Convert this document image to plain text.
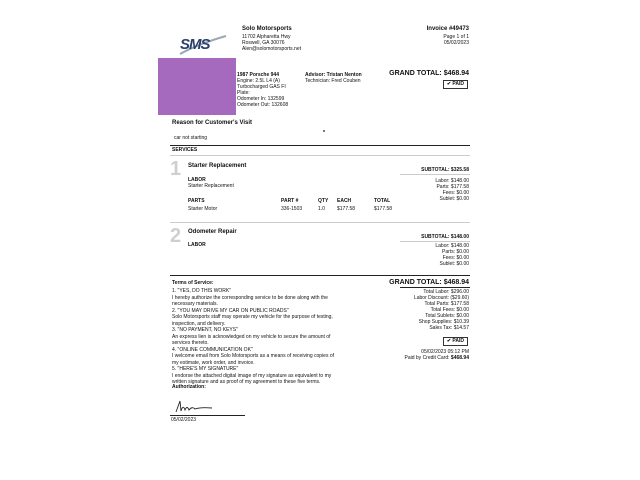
SMS
Solo Motorsports
11702 Alpharetta Hwy
Roswell, GA 30076
Alen@solomotorsports.net
Invoice #49473
Page 1 of 1
05/02/2023
1987 Porsche 944
Engine: 2.5L L4 (A)
Turbocharged GAS FI
Plate:
Odometer In: 132599
Odometer Out: 132608
Advisor: Tristan Nenton
Technician: Fred Couben
GRAND TOTAL: $468.94
✔ PAID
Reason for Customer's Visit
car not starting
SERVICES
1 Starter Replacement
SUBTOTAL: $325.58
LABOR
Starter Replacement
Labor: $148.00
Parts: $177.58
Fees: $0.00
Sublet: $0.00
PARTS	PART #	QTY EACH	TOTAL
Starter Motor	336-1503	1.0 $177.58	$177.58
2 Odometer Repair
SUBTOTAL: $148.00
LABOR	Labor: $148.00
Parts: $0.00
Fees: $0.00
Sublet: $0.00
Terms of Service:
1. "YES, DO THIS WORK"
I hereby authorize the corresponding service to be done along with the
necessary materials.
2. "YOU MAY DRIVE MY CAR ON PUBLIC ROADS"
Solo Motorsports staff may operate my vehicle for the purpose of testing,
inspection, and delivery.
3. "NO PAYMENT, NO KEYS"
An express lien is acknowledged on my vehicle to secure the amount of
services thereto.
4. "ONLINE COMMUNICATION OK"
I welcome email from Solo Motorsports as a means of receiving copies of
my estimate, work order, and invoice.
5. "HERE'S MY SIGNATURE"
I endorse the attached digital image of my signature as equivalent to my
written signature and as proof of my agreement to these five terms.
GRAND TOTAL: $468.94
Total Labor: $296.00
Labor Discount: ($29.60)
Total Parts: $177.58
Total Fees: $0.00
Total Sublets: $0.00
Shop Supplies: $10.39
Sales Tax: $14.57
✔ PAID
05/02/2023 05:12 PM
Paid by Credit Card: $468.94
Authorization:
05/02/2023
